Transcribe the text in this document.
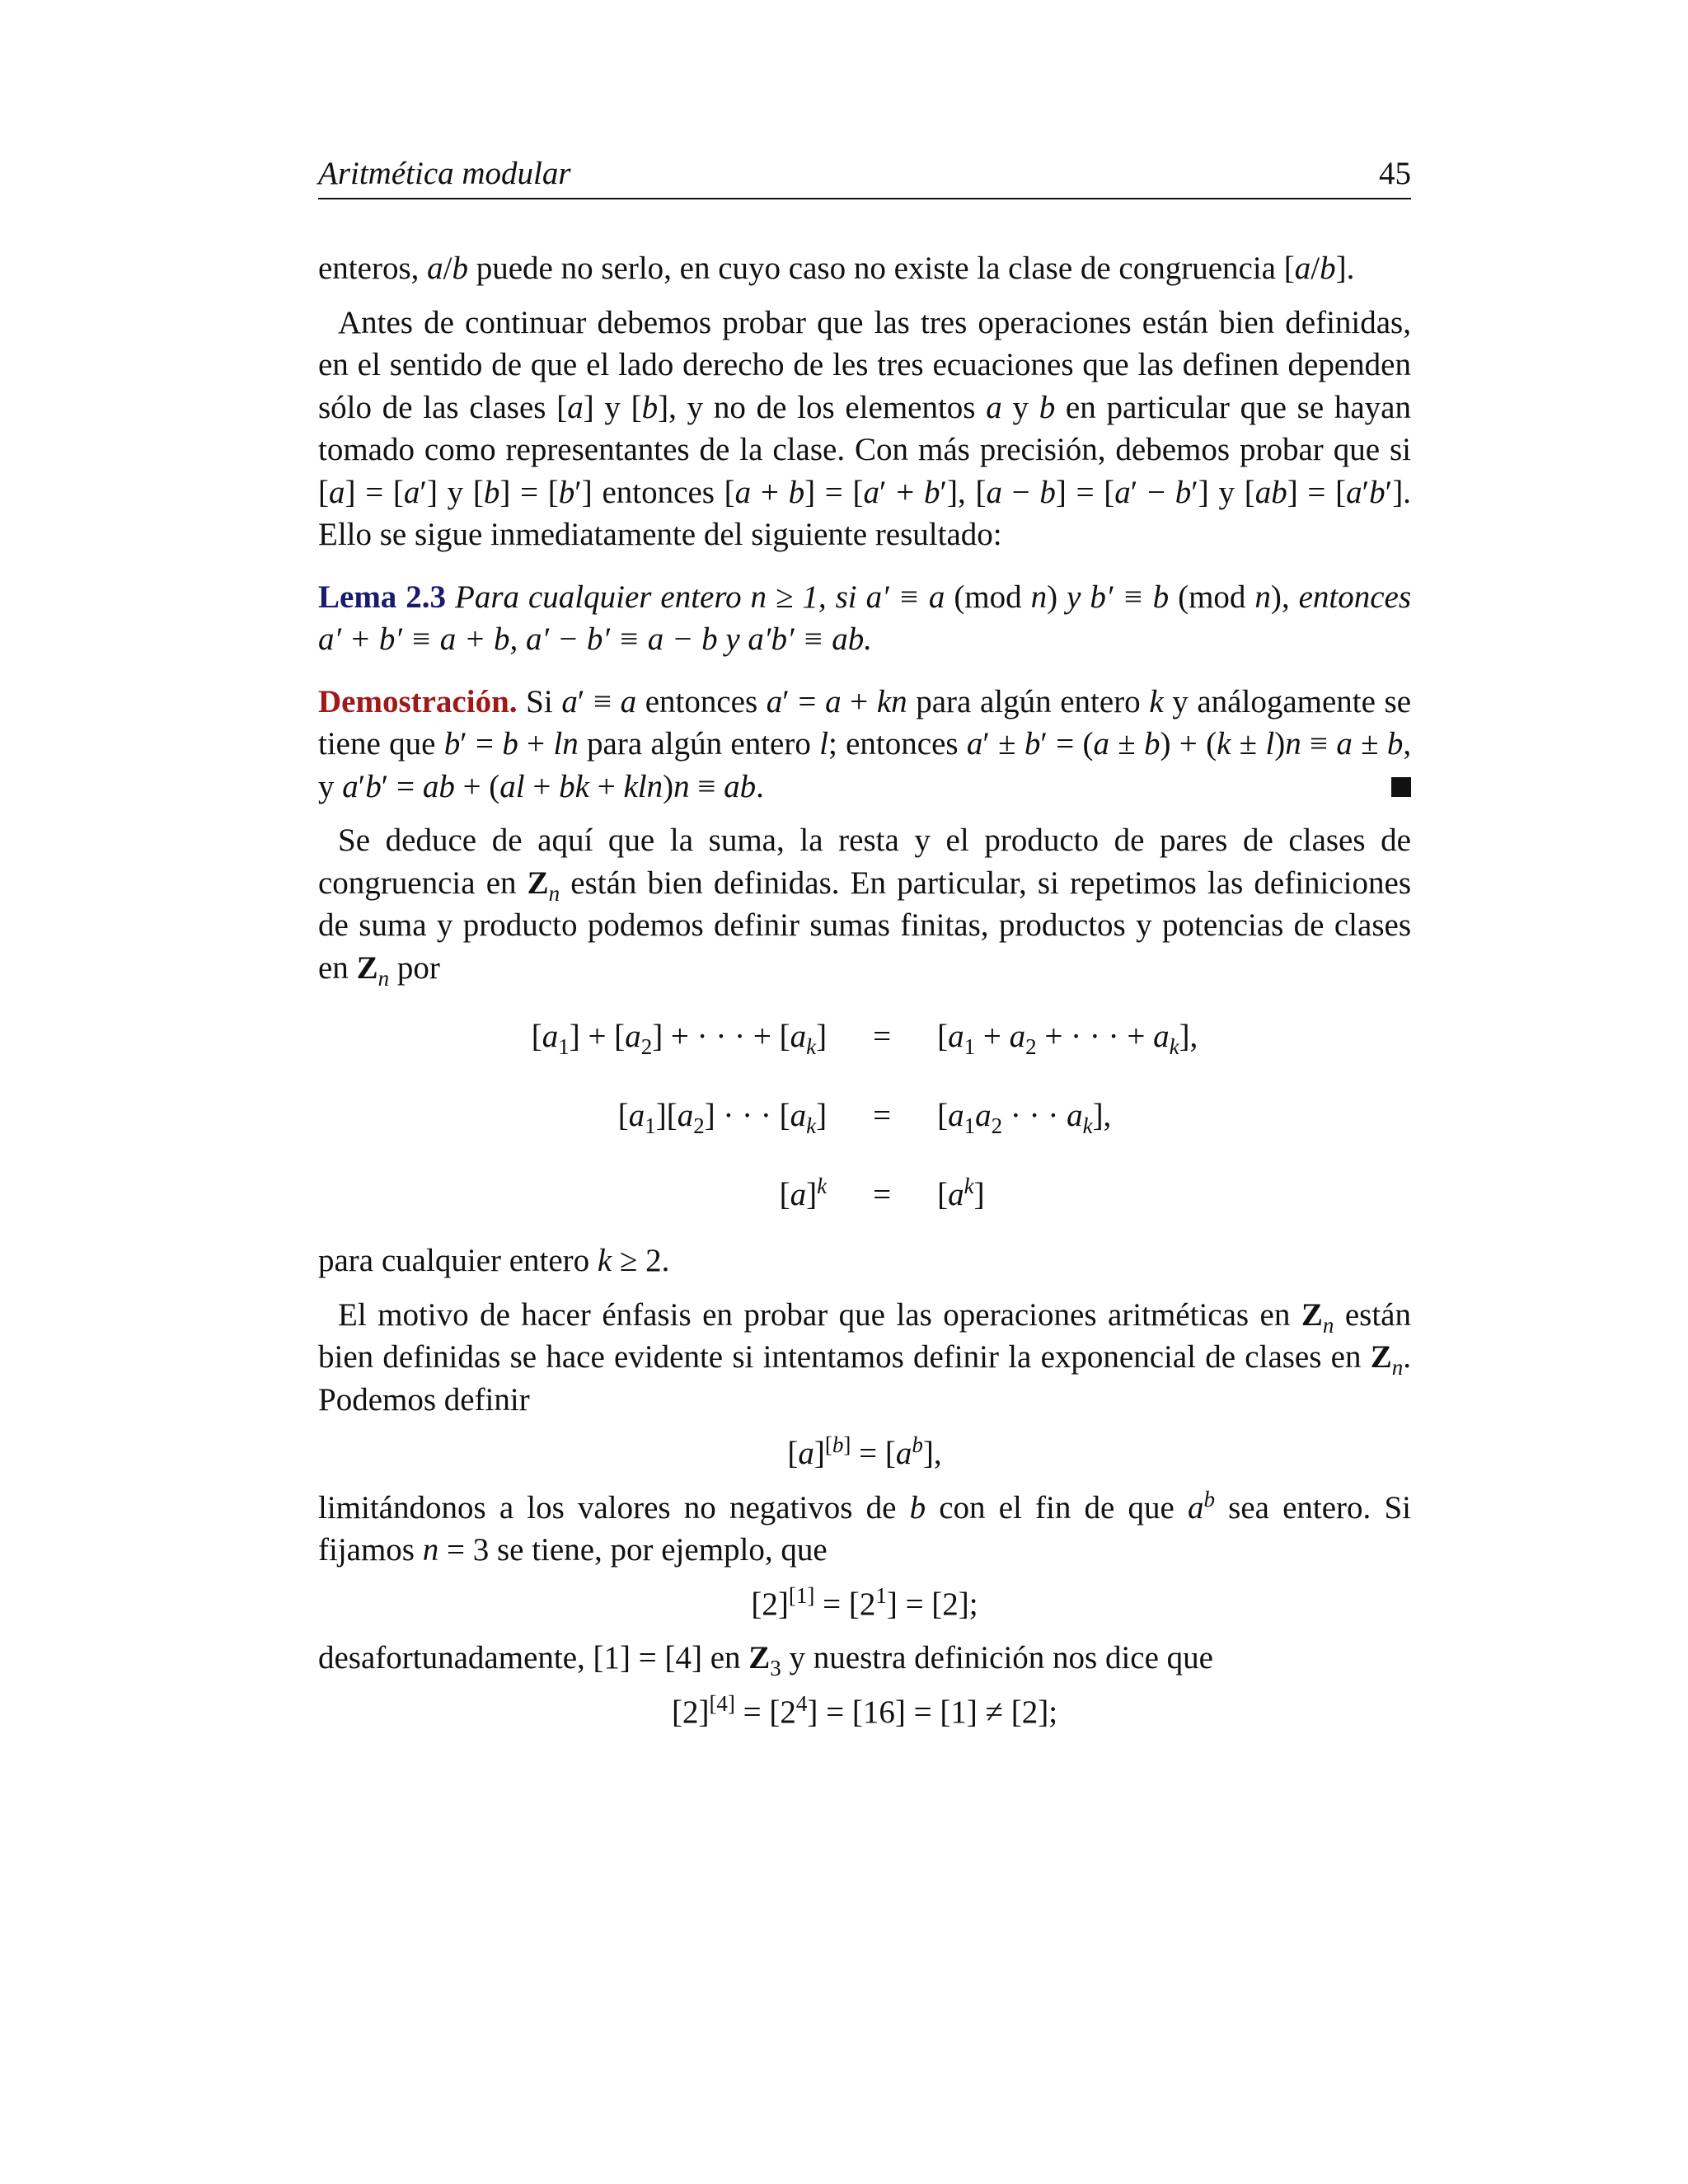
Aritmética modular	45

enteros, a/b puede no serlo, en cuyo caso no existe la clase de congruencia [a/b].

Antes de continuar debemos probar que las tres operaciones están bien definidas, en el sentido de que el lado derecho de les tres ecuaciones que las definen dependen sólo de las clases [a] y [b], y no de los elementos a y b en particular que se hayan tomado como representantes de la clase. Con más precisión, debemos probar que si [a] = [a′] y [b] = [b′] entonces [a + b] = [a′ + b′], [a − b] = [a′ − b′] y [ab] = [a′b′]. Ello se sigue inmediatamente del siguiente resultado:

Lema 2.3 Para cualquier entero n ≥ 1, si a′ ≡ a (mod n) y b′ ≡ b (mod n), entonces a′ + b′ ≡ a + b, a′ − b′ ≡ a − b y a′b′ ≡ ab.

Demostración. Si a′ ≡ a entonces a′ = a + kn para algún entero k y análogamente se tiene que b′ = b + ln para algún entero l; entonces a′ ± b′ = (a ± b) + (k ± l)n ≡ a ± b, y a′b′ = ab + (al + bk + kln)n ≡ ab.

Se deduce de aquí que la suma, la resta y el producto de pares de clases de congruencia en $Z_n$ están bien definidas. En particular, si repetimos las definiciones de suma y producto podemos definir sumas finitas, productos y potencias de clases en $Z_n$ por

$[a_1] + [a_2]$ + · · · + $[a_k]$	=	[$a_1 + a_2$ + · · · + $a_k$],
$[a_1][a_2]$ · · · $[a_k]$	=	[$a_1a_2$ · · · $a_k$],
$[a]^k$	=	$[a^k]$

para cualquier entero k ≥ 2.

El motivo de hacer énfasis en probar que las operaciones aritméticas en $Z_n$ están bien definidas se hace evidente si intentamos definir la exponencial de clases en $Z_n$. Podemos definir

$[a][b] = [a^b]$,

limitándonos a los valores no negativos de b con el fin de que $a^b$ sea entero. Si fijamos n = 3 se tiene, por ejemplo, que

$[2][1] = [2^1] = [2]$;

desafortunadamente, [1] = [4] en $Z_3$ y nuestra definición nos dice que

$[2][4] = [2^4] = [16] = [1] \ne [2]$;
